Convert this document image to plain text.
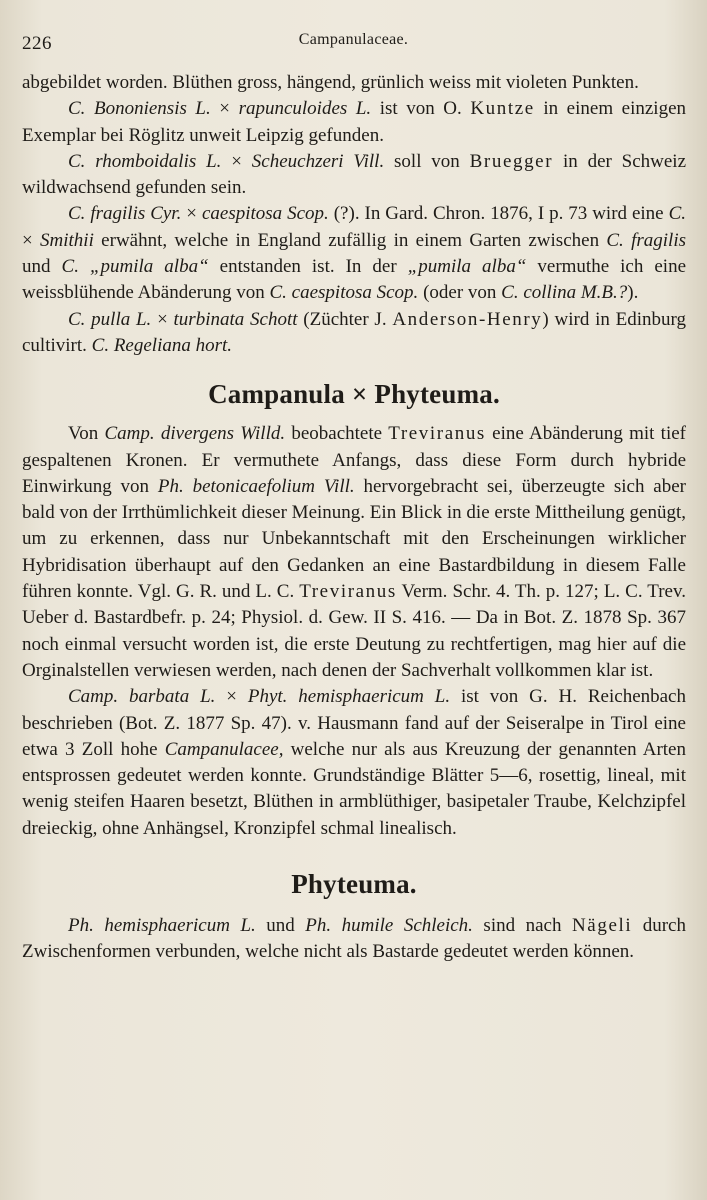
226	Campanulaceae.

abgebildet worden. Blüthen gross, hängend, grünlich weiss mit violeten Punkten.

C. Bononiensis L. × rapunculoides L. ist von O. Kuntze in einem einzigen Exemplar bei Röglitz unweit Leipzig gefunden.

C. rhomboidalis L. × Scheuchzeri Vill. soll von Bruegger in der Schweiz wildwachsend gefunden sein.

C. fragilis Cyr. × caespitosa Scop. (?). In Gard. Chron. 1876, I p. 73 wird eine C. × Smithii erwähnt, welche in England zufällig in einem Garten zwischen C. fragilis und C. „pumila alba“ entstanden ist. In der „pumila alba“ vermuthe ich eine weissblühende Abänderung von C. caespitosa Scop. (oder von C. collina M.B.?).

C. pulla L. × turbinata Schott (Züchter J. Anderson-Henry) wird in Edinburg cultivirt. C. Regeliana hort.

Campanula × Phyteuma.

Von Camp. divergens Willd. beobachtete Treviranus eine Abänderung mit tief gespaltenen Kronen. Er vermuthete Anfangs, dass diese Form durch hybride Einwirkung von Ph. betonicaefolium Vill. hervorgebracht sei, überzeugte sich aber bald von der Irrthümlichkeit dieser Meinung. Ein Blick in die erste Mittheilung genügt, um zu erkennen, dass nur Unbekanntschaft mit den Erscheinungen wirklicher Hybridisation überhaupt auf den Gedanken an eine Bastardbildung in diesem Falle führen konnte. Vgl. G. R. und L. C. Treviranus Verm. Schr. 4. Th. p. 127; L. C. Trev. Ueber d. Bastardbefr. p. 24; Physiol. d. Gew. II S. 416. — Da in Bot. Z. 1878 Sp. 367 noch einmal versucht worden ist, die erste Deutung zu rechtfertigen, mag hier auf die Orginalstellen verwiesen werden, nach denen der Sachverhalt vollkommen klar ist.

Camp. barbata L. × Phyt. hemisphaericum L. ist von G. H. Reichenbach beschrieben (Bot. Z. 1877 Sp. 47). v. Hausmann fand auf der Seiseralpe in Tirol eine etwa 3 Zoll hohe Campanulacee, welche nur als aus Kreuzung der genannten Arten entsprossen gedeutet werden konnte. Grundständige Blätter 5—6, rosettig, lineal, mit wenig steifen Haaren besetzt, Blüthen in armblüthiger, basipetaler Traube, Kelchzipfel dreieckig, ohne Anhängsel, Kronzipfel schmal linealisch.

Phyteuma.

Ph. hemisphaericum L. und Ph. humile Schleich. sind nach Nägeli durch Zwischenformen verbunden, welche nicht als Bastarde gedeutet werden können.
